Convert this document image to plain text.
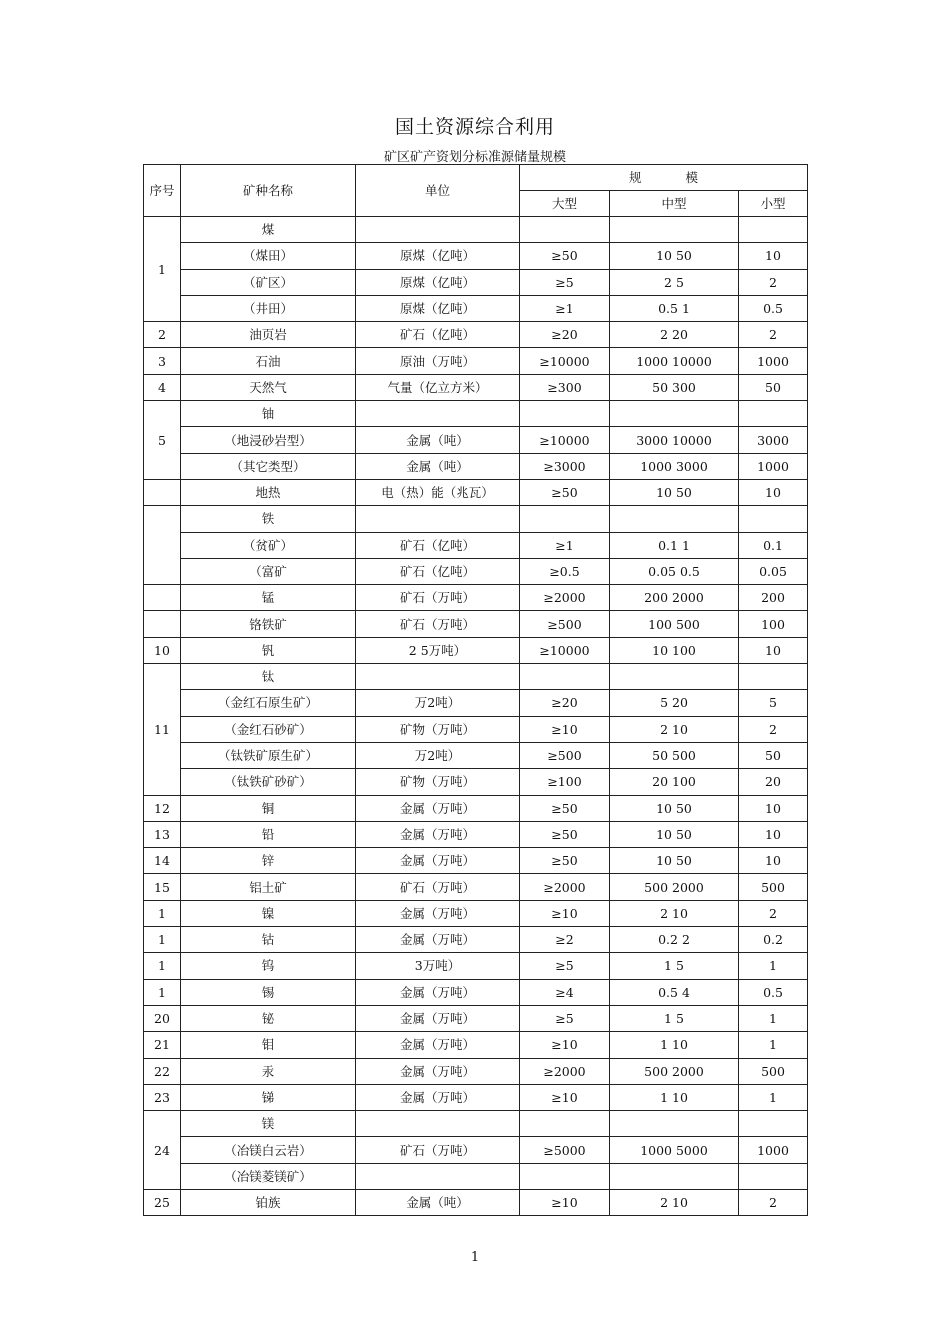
国土资源综合利用
矿区矿产资划分标准源储量规模
序号	矿种名称	单位	规 模		
			大型	中型	小型
1	煤				
	（煤田）	原煤（亿吨）	≥50	10 50	10
	（矿区）	原煤（亿吨）	≥5	2 5	2
	（井田）	原煤（亿吨）	≥1	0.5 1	0.5
2	油页岩	矿石（亿吨）	≥20	2 20	2
3	石油	原油（万吨）	≥10000	1000 10000	1000
4	天然气	气量（亿立方米）	≥300	50 300	50
5	铀				
	（地浸砂岩型）	金属（吨）	≥10000	3000 10000	3000
	（其它类型）	金属（吨）	≥3000	1000 3000	1000
	地热	电（热）能（兆瓦）	≥50	10 50	10
	铁				
	（贫矿）	矿石（亿吨）	≥1	0.1 1	0.1
	（富矿	矿石（亿吨）	≥0.5	0.05 0.5	0.05
	锰	矿石（万吨）	≥2000	200 2000	200
	铬铁矿	矿石（万吨）	≥500	100 500	100
10	钒	2 5万吨）	≥10000	10 100	10
11	钛				
	（金红石原生矿）	万2吨）	≥20	5 20	5
	（金红石砂矿）	矿物（万吨）	≥10	2 10	2
	（钛铁矿原生矿）	万2吨）	≥500	50 500	50
	（钛铁矿砂矿）	矿物（万吨）	≥100	20 100	20
12	铜	金属（万吨）	≥50	10 50	10
13	铅	金属（万吨）	≥50	10 50	10
14	锌	金属（万吨）	≥50	10 50	10
15	铝土矿	矿石（万吨）	≥2000	500 2000	500
1	镍	金属（万吨）	≥10	2 10	2
1	钴	金属（万吨）	≥2	0.2 2	0.2
1	钨	3万吨）	≥5	1 5	1
1	锡	金属（万吨）	≥4	0.5 4	0.5
20	铋	金属（万吨）	≥5	1 5	1
21	钼	金属（万吨）	≥10	1 10	1
22	汞	金属（万吨）	≥2000	500 2000	500
23	锑	金属（万吨）	≥10	1 10	1
24	镁				
	（冶镁白云岩）	矿石（万吨）	≥5000	1000 5000	1000
	（冶镁菱镁矿）				
25	铂族	金属（吨）	≥10	2 10	2
1
